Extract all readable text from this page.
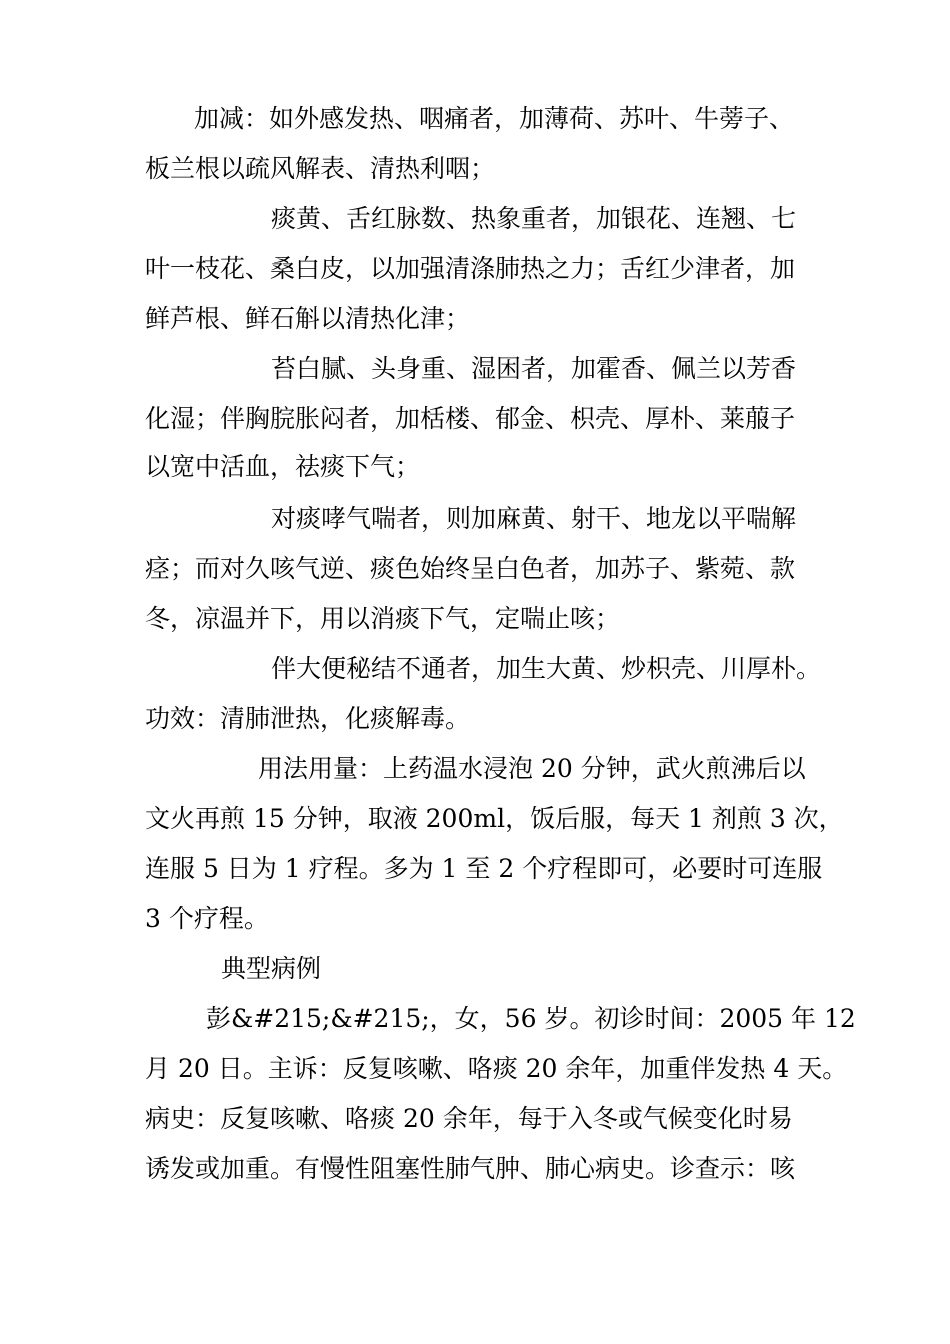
加减：如外感发热、咽痛者，加薄荷、苏叶、牛蒡子、

板兰根以疏风解表、清热利咽；

痰黄、舌红脉数、热象重者，加银花、连翘、七

叶一枝花、桑白皮，以加强清涤肺热之力；舌红少津者，加

鲜芦根、鲜石斛以清热化津；

苔白腻、头身重、湿困者，加霍香、佩兰以芳香

化湿；伴胸脘胀闷者，加栝楼、郁金、枳壳、厚朴、莱菔子

以宽中活血，祛痰下气；

对痰哮气喘者，则加麻黄、射干、地龙以平喘解

痉；而对久咳气逆、痰色始终呈白色者，加苏子、紫菀、款

冬，凉温并下，用以消痰下气，定喘止咳；

伴大便秘结不通者，加生大黄、炒枳壳、川厚朴。

功效：清肺泄热，化痰解毒。

用法用量：上药温水浸泡 20 分钟，武火煎沸后以

文火再煎 15 分钟，取液 200ml，饭后服，每天 1 剂煎 3 次，

连服 5 日为 1 疗程。多为 1 至 2 个疗程即可，必要时可连服

3 个疗程。

典型病例

彭&#215;&#215;，女，56 岁。初诊时间：2005 年 12

月 20 日。主诉：反复咳嗽、咯痰 20 余年，加重伴发热 4 天。

病史：反复咳嗽、咯痰 20 余年，每于入冬或气候变化时易

诱发或加重。有慢性阻塞性肺气肿、肺心病史。诊查示：咳
